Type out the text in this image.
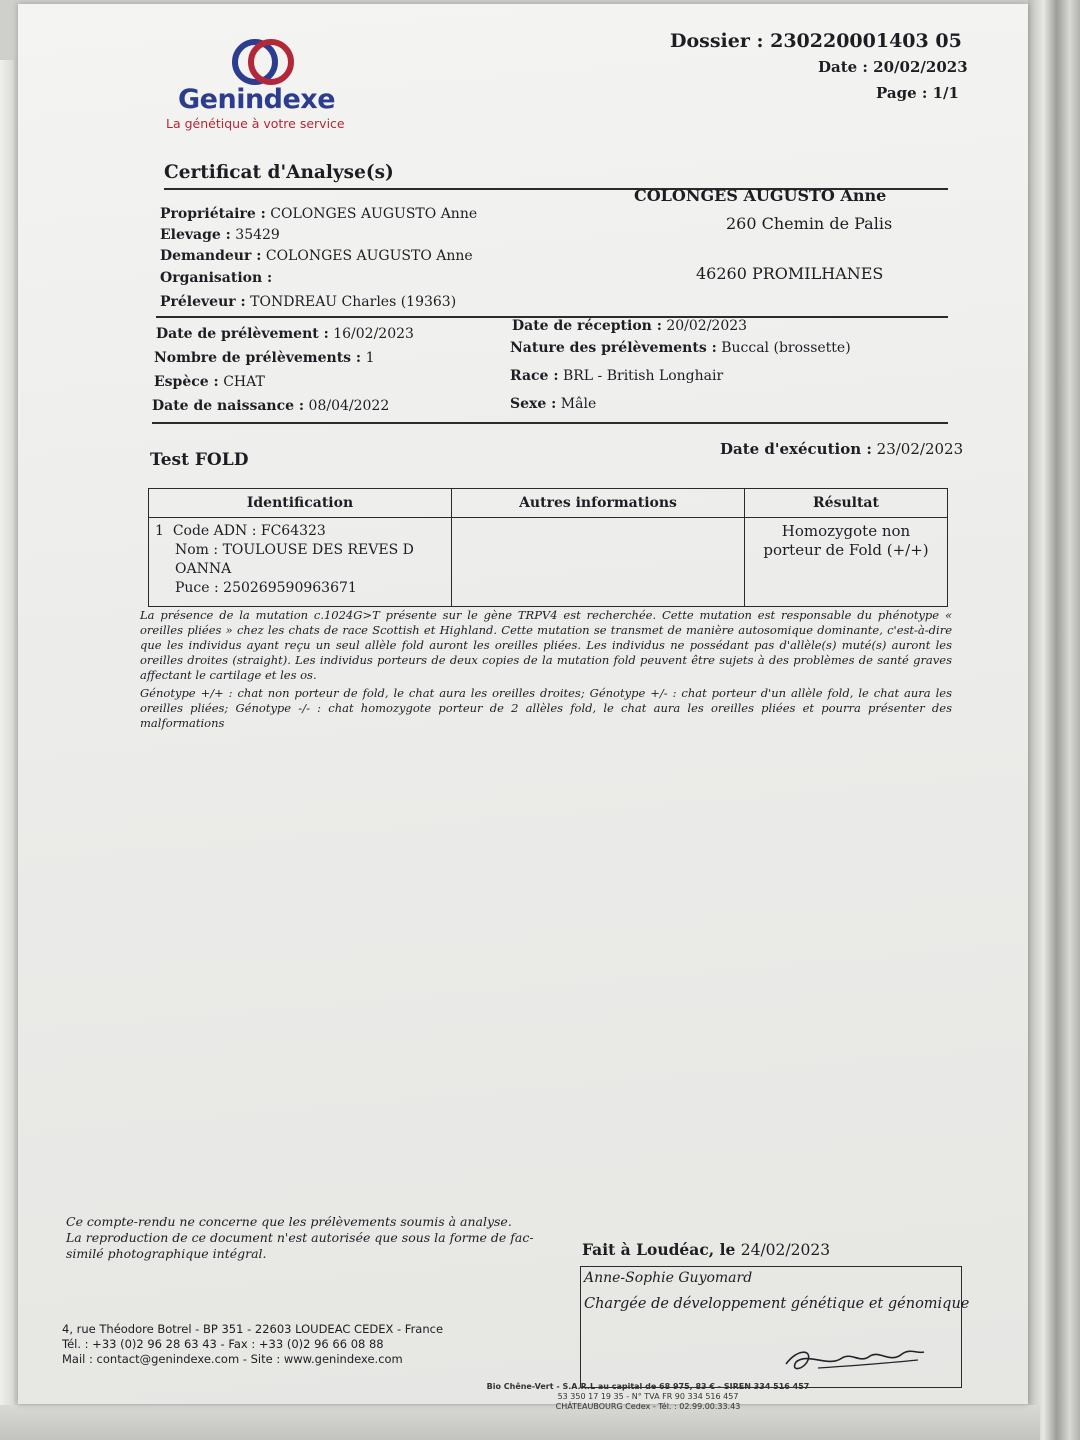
Genindexe
La génétique à votre service
Dossier : 230220001403 05
Date : 20/02/2023
Page : 1/1
Certificat d'Analyse(s)
Propriétaire : COLONGES AUGUSTO Anne
Elevage : 35429
Demandeur : COLONGES AUGUSTO Anne
Organisation :
Préleveur : TONDREAU Charles (19363)
COLONGES AUGUSTO Anne
260 Chemin de Palis
46260 PROMILHANES
Date de prélèvement : 16/02/2023
Nombre de prélèvements : 1
Espèce : CHAT
Date de naissance : 08/04/2022
Date de réception : 20/02/2023
Nature des prélèvements : Buccal (brossette)
Race : BRL - British Longhair
Sexe : Mâle
Test FOLD
Date d'exécution : 23/02/2023
Identification	Autres informations	Résultat

1 Code ADN : FC64323
Nom : TOULOUSE DES REVES D
OANNA
Puce : 250269590963671		Homozygote non porteur de Fold (+/+)

La présence de la mutation c.1024G>T présente sur le gène TRPV4 est recherchée. Cette mutation est responsable du phénotype « oreilles pliées » chez les chats de race Scottish et Highland. Cette mutation se transmet de manière autosomique dominante, c'est-à-dire que les individus ayant reçu un seul allèle fold auront les oreilles pliées. Les individus ne possédant pas d'allèle(s) muté(s) auront les oreilles droites (straight). Les individus porteurs de deux copies de la mutation fold peuvent être sujets à des problèmes de santé graves affectant le cartilage et les os.

Génotype +/+ : chat non porteur de fold, le chat aura les oreilles droites; Génotype +/- : chat porteur d'un allèle fold, le chat aura les oreilles pliées; Génotype -/- : chat homozygote porteur de 2 allèles fold, le chat aura les oreilles pliées et pourra présenter des malformations

Ce compte-rendu ne concerne que les prélèvements soumis à analyse.
La reproduction de ce document n'est autorisée que sous la forme de fac-similé photographique intégral.	Fait à Loudéac, le 24/02/2023
Anne-Sophie Guyomard
Chargée de développement génétique et génomique
4, rue Théodore Botrel - BP 351 - 22603 LOUDEAC CEDEX - France
Tél. : +33 (0)2 96 28 63 43 - Fax : +33 (0)2 96 66 08 88
Mail : contact@genindexe.com - Site : www.genindexe.com
Bio Chêne-Vert - S.A.R.L au capital de 68 975, 83 € - SIREN 334 516 457
53 350 17 19 35 - N° TVA FR 90 334 516 457
CHÂTEAUBOURG Cedex - Tél. : 02.99.00.33.43
